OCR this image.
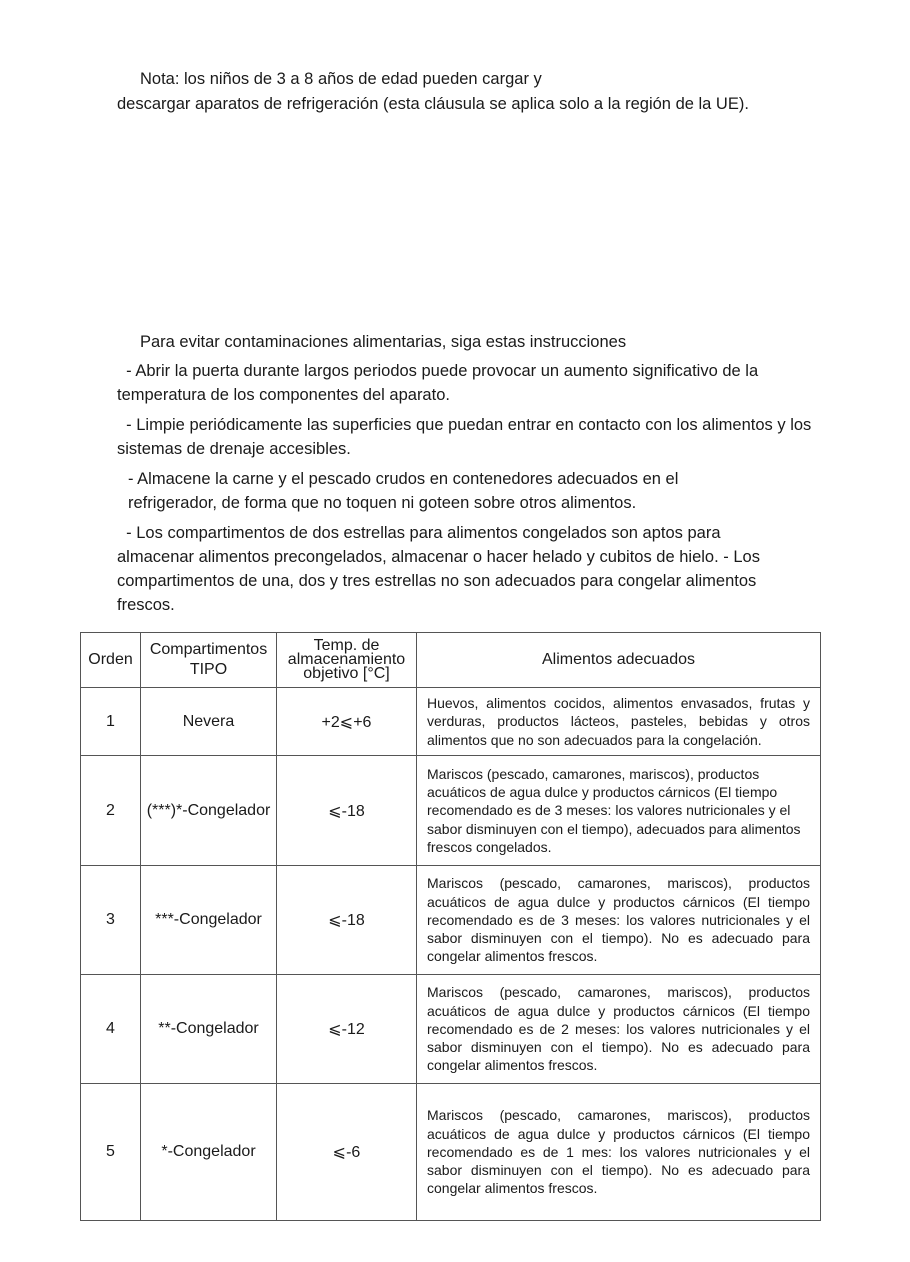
Nota: los niños de 3 a 8 años de edad pueden cargar y

descargar aparatos de refrigeración (esta cláusula se aplica solo a la región de la UE).

Para evitar contaminaciones alimentarias, siga estas instrucciones

- Abrir la puerta durante largos periodos puede provocar un aumento significativo de la temperatura de los componentes del aparato.

- Limpie periódicamente las superficies que puedan entrar en contacto con los alimentos y los sistemas de drenaje accesibles.

- Almacene la carne y el pescado crudos en contenedores adecuados en el refrigerador, de forma que no toquen ni goteen sobre otros alimentos.

- Los compartimentos de dos estrellas para alimentos congelados son aptos para almacenar alimentos precongelados, almacenar o hacer helado y cubitos de hielo. - Los compartimentos de una, dos y tres estrellas no son adecuados para congelar alimentos frescos.

Orden	Compartimentos TIPO	Temp. de almacenamiento objetivo [°C]	Alimentos adecuados
1	Nevera	+2⩽+6	Huevos, alimentos cocidos, alimentos envasados, frutas y verduras, productos lácteos, pasteles, bebidas y otros alimentos que no son adecuados para la congelación.
2	(***)*-Congelador	⩽-18	Mariscos (pescado, camarones, mariscos), productos acuáticos de agua dulce y productos cárnicos (El tiempo recomendado es de 3 meses: los valores nutricionales y el sabor disminuyen con el tiempo), adecuados para alimentos frescos congelados.
3	***-Congelador	⩽-18	Mariscos (pescado, camarones, mariscos), productos acuáticos de agua dulce y productos cárnicos (El tiempo recomendado es de 3 meses: los valores nutricionales y el sabor disminuyen con el tiempo). No es adecuado para congelar alimentos frescos.
4	**-Congelador	⩽-12	Mariscos (pescado, camarones, mariscos), productos acuáticos de agua dulce y productos cárnicos (El tiempo recomendado es de 2 meses: los valores nutricionales y el sabor disminuyen con el tiempo). No es adecuado para congelar alimentos frescos.
5	*-Congelador	⩽-6	Mariscos (pescado, camarones, mariscos), productos acuáticos de agua dulce y productos cárnicos (El tiempo recomendado es de 1 mes: los valores nutricionales y el sabor disminuyen con el tiempo). No es adecuado para congelar alimentos frescos.
